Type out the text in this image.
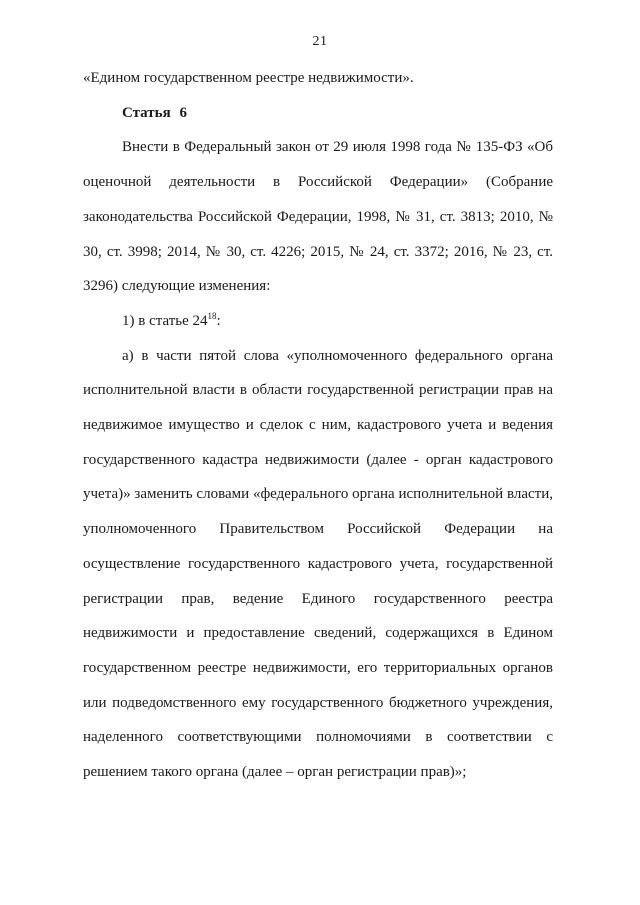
21

«Едином государственном реестре недвижимости».

Статья 6

Внести в Федеральный закон от 29 июля 1998 года № 135-ФЗ «Об оценочной деятельности в Российской Федерации» (Собрание законодательства Российской Федерации, 1998, № 31, ст. 3813; 2010, № 30, ст. 3998; 2014, № 30, ст. 4226; 2015, № 24, ст. 3372; 2016, № 23, ст. 3296) следующие изменения:

1) в статье $24^{18}$:

а) в части пятой слова «уполномоченного федерального органа исполнительной власти в области государственной регистрации прав на недвижимое имущество и сделок с ним, кадастрового учета и ведения государственного кадастра недвижимости (далее - орган кадастрового учета)» заменить словами «федерального органа исполнительной власти, уполномоченного Правительством Российской Федерации на осуществление государственного кадастрового учета, государственной регистрации прав, ведение Единого государственного реестра недвижимости и предоставление сведений, содержащихся в Едином государственном реестре недвижимости, его территориальных органов или подведомственного ему государственного бюджетного учреждения, наделенного соответствующими полномочиями в соответствии с решением такого органа (далее – орган регистрации прав)»;
